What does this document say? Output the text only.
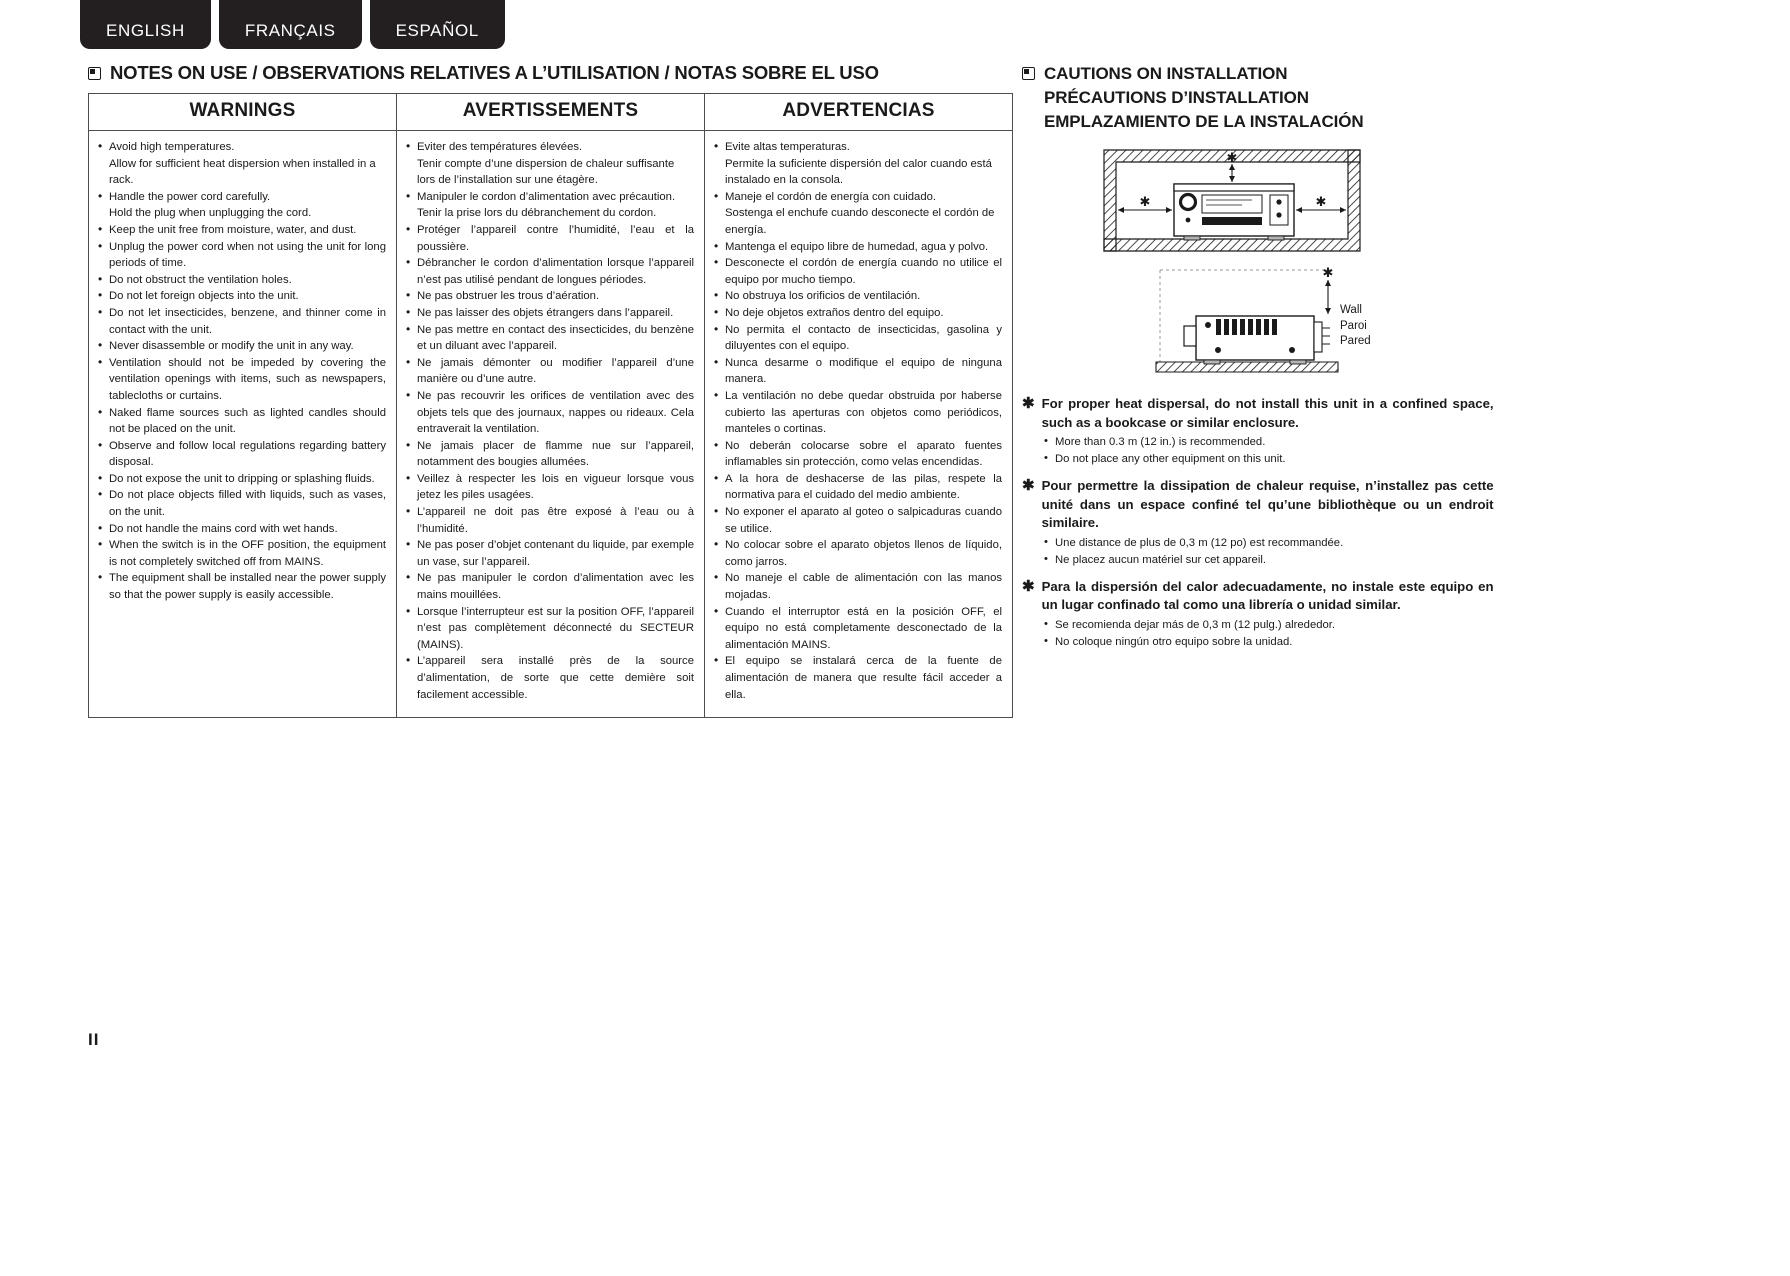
ENGLISH	FRANÇAIS	ESPAÑOL
NOTES ON USE / OBSERVATIONS RELATIVES A L’UTILISATION / NOTAS SOBRE EL USO
WARNINGS	AVERTISSEMENTS	ADVERTENCIAS

• Avoid high temperatures.
Allow for sufficient heat dispersion when installed in a rack.
• Handle the power cord carefully.
Hold the plug when unplugging the cord.
• Keep the unit free from moisture, water, and dust.
• Unplug the power cord when not using the unit for long periods of time.
• Do not obstruct the ventilation holes.
• Do not let foreign objects into the unit.
• Do not let insecticides, benzene, and thinner come in contact with the unit.
• Never disassemble or modify the unit in any way.
• Ventilation should not be impeded by covering the ventilation openings with items, such as newspapers, tablecloths or curtains.
• Naked flame sources such as lighted candles should not be placed on the unit.
• Observe and follow local regulations regarding battery disposal.
• Do not expose the unit to dripping or splashing fluids.
• Do not place objects filled with liquids, such as vases, on the unit.
• Do not handle the mains cord with wet hands.
• When the switch is in the OFF position, the equipment is not completely switched off from MAINS.
• The equipment shall be installed near the power supply so that the power supply is easily accessible.

• Eviter des températures élevées.
Tenir compte d’une dispersion de chaleur suffisante lors de l’installation sur une étagère.
• Manipuler le cordon d’alimentation avec précaution.
Tenir la prise lors du débranchement du cordon.
• Protéger l’appareil contre l’humidité, l’eau et la poussière.
• Débrancher le cordon d’alimentation lorsque l’appareil n’est pas utilisé pendant de longues périodes.
• Ne pas obstruer les trous d’aération.
• Ne pas laisser des objets étrangers dans l’appareil.
• Ne pas mettre en contact des insecticides, du benzène et un diluant avec l’appareil.
• Ne jamais démonter ou modifier l’appareil d’une manière ou d’une autre.
• Ne pas recouvrir les orifices de ventilation avec des objets tels que des journaux, nappes ou rideaux. Cela entraverait la ventilation.
• Ne jamais placer de flamme nue sur l’appareil, notamment des bougies allumées.
• Veillez à respecter les lois en vigueur lorsque vous jetez les piles usagées.
• L’appareil ne doit pas être exposé à l’eau ou à l’humidité.
• Ne pas poser d’objet contenant du liquide, par exemple un vase, sur l’appareil.
• Ne pas manipuler le cordon d’alimentation avec les mains mouillées.
• Lorsque l’interrupteur est sur la position OFF, l’appareil n’est pas complètement déconnecté du SECTEUR (MAINS).
• L’appareil sera installé près de la source d’alimentation, de sorte que cette demière soit facilement accessible.

• Evite altas temperaturas.
Permite la suficiente dispersión del calor cuando está instalado en la consola.
• Maneje el cordón de energía con cuidado.
Sostenga el enchufe cuando desconecte el cordón de energía.
• Mantenga el equipo libre de humedad, agua y polvo.
• Desconecte el cordón de energía cuando no utilice el equipo por mucho tiempo.
• No obstruya los orificios de ventilación.
• No deje objetos extraños dentro del equipo.
• No permita el contacto de insecticidas, gasolina y diluyentes con el equipo.
• Nunca desarme o modifique el equipo de ninguna manera.
• La ventilación no debe quedar obstruida por haberse cubierto las aperturas con objetos como periódicos, manteles o cortinas.
• No deberán colocarse sobre el aparato fuentes inflamables sin protección, como velas encendidas.
• A la hora de deshacerse de las pilas, respete la normativa para el cuidado del medio ambiente.
• No exponer el aparato al goteo o salpicaduras cuando se utilice.
• No colocar sobre el aparato objetos llenos de líquido, como jarros.
• No maneje el cable de alimentación con las manos mojadas.
• Cuando el interruptor está en la posición OFF, el equipo no está completamente desconectado de la alimentación MAINS.
• El equipo se instalará cerca de la fuente de alimentación de manera que resulte fácil acceder a ella.
CAUTIONS ON INSTALLATION
PRÉCAUTIONS D’INSTALLATION
EMPLAZAMIENTO DE LA INSTALACIÓN
✱
✱	✱
✱
Wall
Paroi
Pared
✱ For proper heat dispersal, do not install this unit in a confined space, such as a bookcase or similar enclosure.
• More than 0.3 m (12 in.) is recommended.
• Do not place any other equipment on this unit.
✱ Pour permettre la dissipation de chaleur requise, n’installez pas cette unité dans un espace confiné tel qu’une bibliothèque ou un endroit similaire.
• Une distance de plus de 0,3 m (12 po) est recommandée.
• Ne placez aucun matériel sur cet appareil.
✱ Para la dispersión del calor adecuadamente, no instale este equipo en un lugar confinado tal como una librería o unidad similar.
• Se recomienda dejar más de 0,3 m (12 pulg.) alrededor.
• No coloque ningún otro equipo sobre la unidad.
II
